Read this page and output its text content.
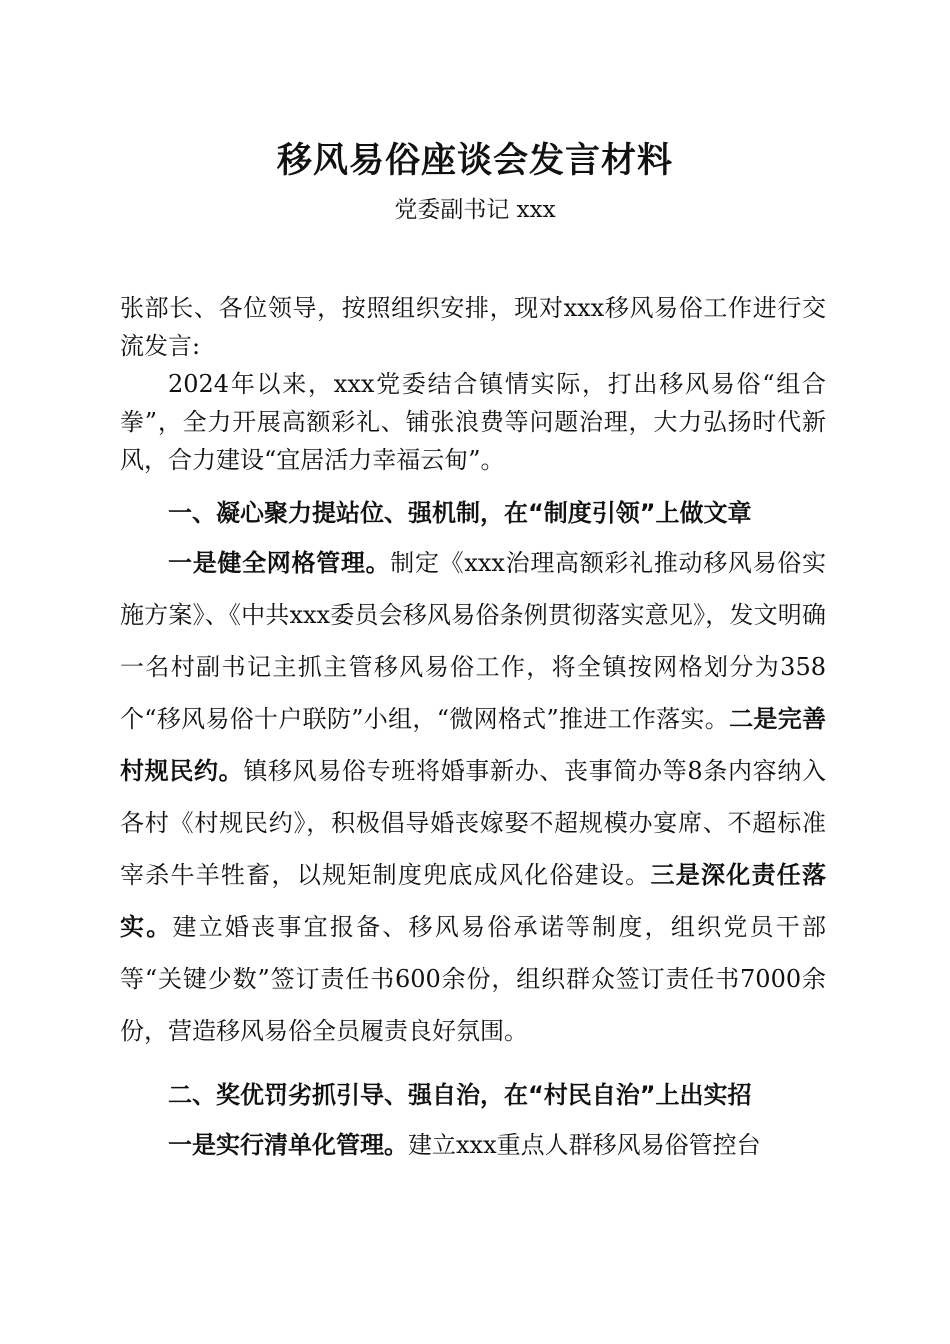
移风易俗座谈会发言材料
党委副书记 xxx

张部长、各位领导，按照组织安排，现对xxx移风易俗工作进行交流发言:

2024年以来，xxx党委结合镇情实际，打出移风易俗“组合拳”，全力开展高额彩礼、铺张浪费等问题治理，大力弘扬时代新风，合力建设“宜居活力幸福云甸”。

一、凝心聚力提站位、强机制，在“制度引领”上做文章

一是健全网格管理。制定《xxx治理高额彩礼推动移风易俗实施方案》、《中共xxx委员会移风易俗条例贯彻落实意见》，发文明确一名村副书记主抓主管移风易俗工作，将全镇按网格划分为358个“移风易俗十户联防”小组，“微网格式”推进工作落实。二是完善村规民约。镇移风易俗专班将婚事新办、丧事简办等8条内容纳入各村《村规民约》，积极倡导婚丧嫁娶不超规模办宴席、不超标准宰杀牛羊牲畜，以规矩制度兜底成风化俗建设。三是深化责任落实。建立婚丧事宜报备、移风易俗承诺等制度，组织党员干部等“关键少数”签订责任书600余份，组织群众签订责任书7000余份，营造移风易俗全员履责良好氛围。

二、奖优罚劣抓引导、强自治，在“村民自治”上出实招

一是实行清单化管理。建立xxx重点人群移风易俗管控台
